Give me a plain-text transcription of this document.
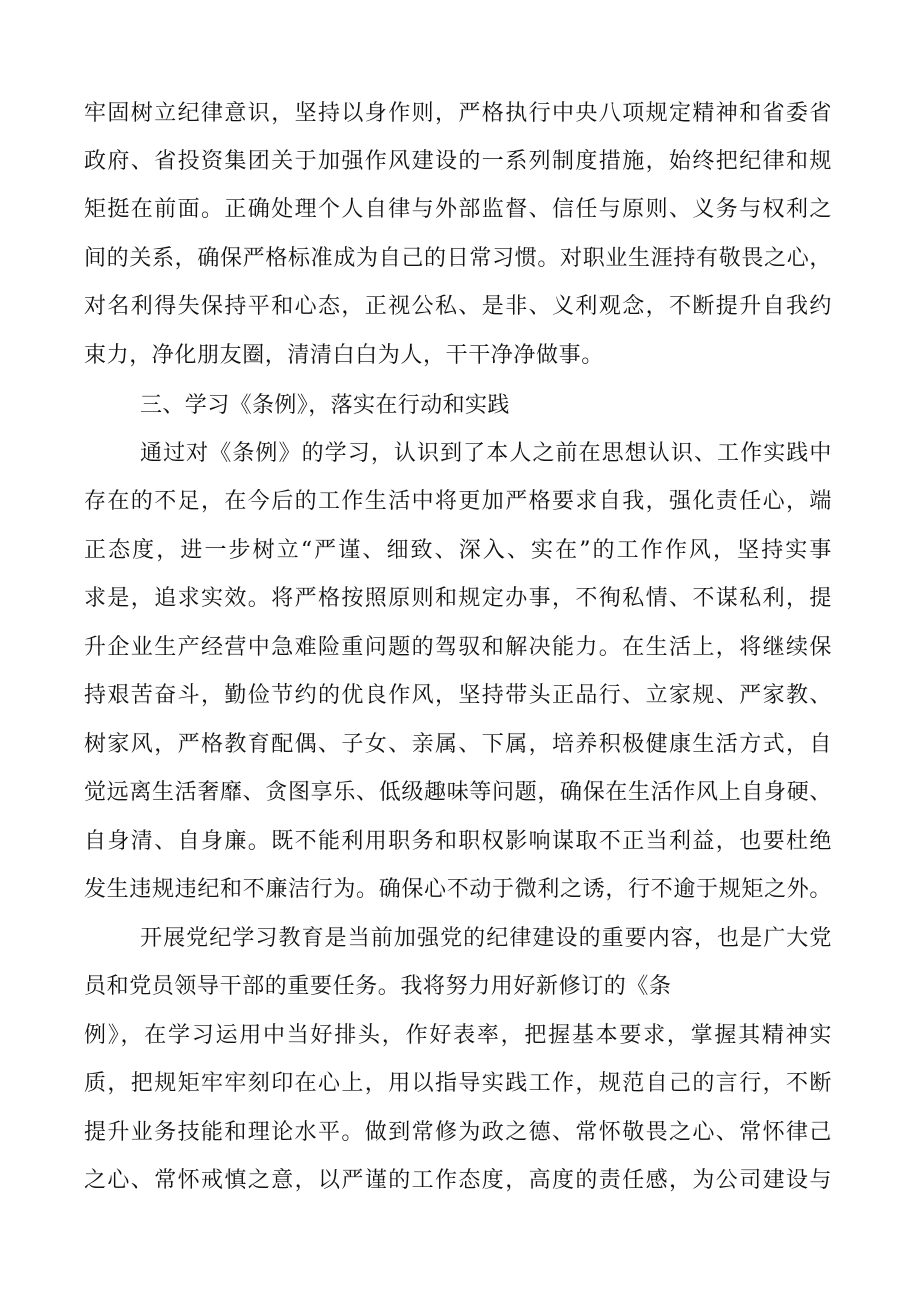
牢固树立纪律意识，坚持以身作则，严格执行中央八项规定精神和省委省
政府、省投资集团关于加强作风建设的一系列制度措施，始终把纪律和规
矩挺在前面。正确处理个人自律与外部监督、信任与原则、义务与权利之
间的关系，确保严格标准成为自己的日常习惯。对职业生涯持有敬畏之心，
对名利得失保持平和心态，正视公私、是非、义利观念，不断提升自我约
束力，净化朋友圈，清清白白为人，干干净净做事。
三、学习《条例》，落实在行动和实践
通过对《条例》的学习，认识到了本人之前在思想认识、工作实践中
存在的不足，在今后的工作生活中将更加严格要求自我，强化责任心，端
正态度，进一步树立“严谨、细致、深入、实在”的工作作风，坚持实事
求是，追求实效。将严格按照原则和规定办事，不徇私情、不谋私利，提
升企业生产经营中急难险重问题的驾驭和解决能力。在生活上，将继续保
持艰苦奋斗，勤俭节约的优良作风，坚持带头正品行、立家规、严家教、
树家风，严格教育配偶、子女、亲属、下属，培养积极健康生活方式，自
觉远离生活奢靡、贪图享乐、低级趣味等问题，确保在生活作风上自身硬、
自身清、自身廉。既不能利用职务和职权影响谋取不正当利益，也要杜绝
发生违规违纪和不廉洁行为。确保心不动于微利之诱，行不逾于规矩之外。
开展党纪学习教育是当前加强党的纪律建设的重要内容，也是广大党
员和党员领导干部的重要任务。我将努力用好新修订的《条
例》，在学习运用中当好排头，作好表率，把握基本要求，掌握其精神实
质，把规矩牢牢刻印在心上，用以指导实践工作，规范自己的言行，不断
提升业务技能和理论水平。做到常修为政之德、常怀敬畏之心、常怀律己
之心、常怀戒慎之意，以严谨的工作态度，高度的责任感，为公司建设与
